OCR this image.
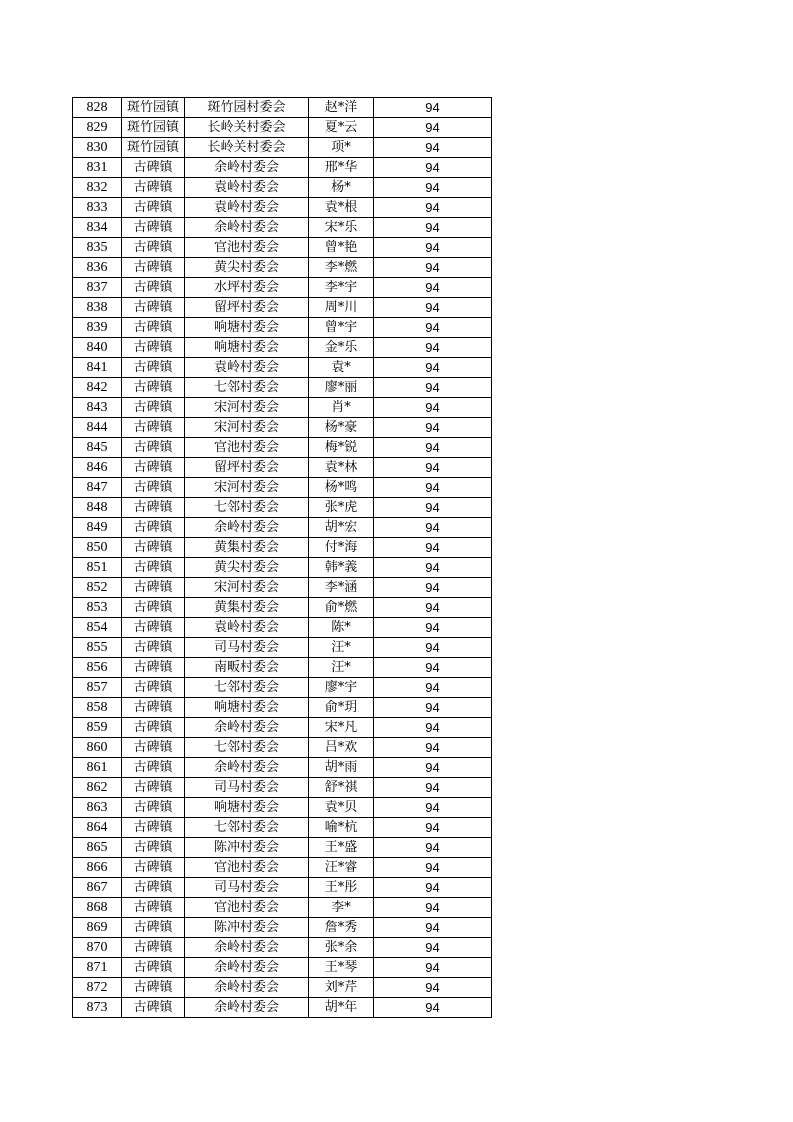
828	斑竹园镇	斑竹园村委会	赵*洋	94
829	斑竹园镇	长岭关村委会	夏*云	94
830	斑竹园镇	长岭关村委会	项*	94
831	古碑镇	余岭村委会	邢*华	94
832	古碑镇	袁岭村委会	杨*	94
833	古碑镇	袁岭村委会	袁*根	94
834	古碑镇	余岭村委会	宋*乐	94
835	古碑镇	官池村委会	曾*艳	94
836	古碑镇	黄尖村委会	李*燃	94
837	古碑镇	水坪村委会	李*宇	94
838	古碑镇	留坪村委会	周*川	94
839	古碑镇	响塘村委会	曾*宇	94
840	古碑镇	响塘村委会	金*乐	94
841	古碑镇	袁岭村委会	袁*	94
842	古碑镇	七邻村委会	廖*丽	94
843	古碑镇	宋河村委会	肖*	94
844	古碑镇	宋河村委会	杨*豪	94
845	古碑镇	官池村委会	梅*锐	94
846	古碑镇	留坪村委会	袁*林	94
847	古碑镇	宋河村委会	杨*鸣	94
848	古碑镇	七邻村委会	张*虎	94
849	古碑镇	余岭村委会	胡*宏	94
850	古碑镇	黄集村委会	付*海	94
851	古碑镇	黄尖村委会	韩*義	94
852	古碑镇	宋河村委会	李*涵	94
853	古碑镇	黄集村委会	俞*燃	94
854	古碑镇	袁岭村委会	陈*	94
855	古碑镇	司马村委会	汪*	94
856	古碑镇	南畈村委会	汪*	94
857	古碑镇	七邻村委会	廖*宇	94
858	古碑镇	响塘村委会	俞*玥	94
859	古碑镇	余岭村委会	宋*凡	94
860	古碑镇	七邻村委会	吕*欢	94
861	古碑镇	余岭村委会	胡*雨	94
862	古碑镇	司马村委会	舒*祺	94
863	古碑镇	响塘村委会	袁*贝	94
864	古碑镇	七邻村委会	喻*杭	94
865	古碑镇	陈冲村委会	王*盛	94
866	古碑镇	官池村委会	汪*睿	94
867	古碑镇	司马村委会	王*彤	94
868	古碑镇	官池村委会	李*	94
869	古碑镇	陈冲村委会	詹*秀	94
870	古碑镇	余岭村委会	张*余	94
871	古碑镇	余岭村委会	王*琴	94
872	古碑镇	余岭村委会	刘*芹	94
873	古碑镇	余岭村委会	胡*年	94
